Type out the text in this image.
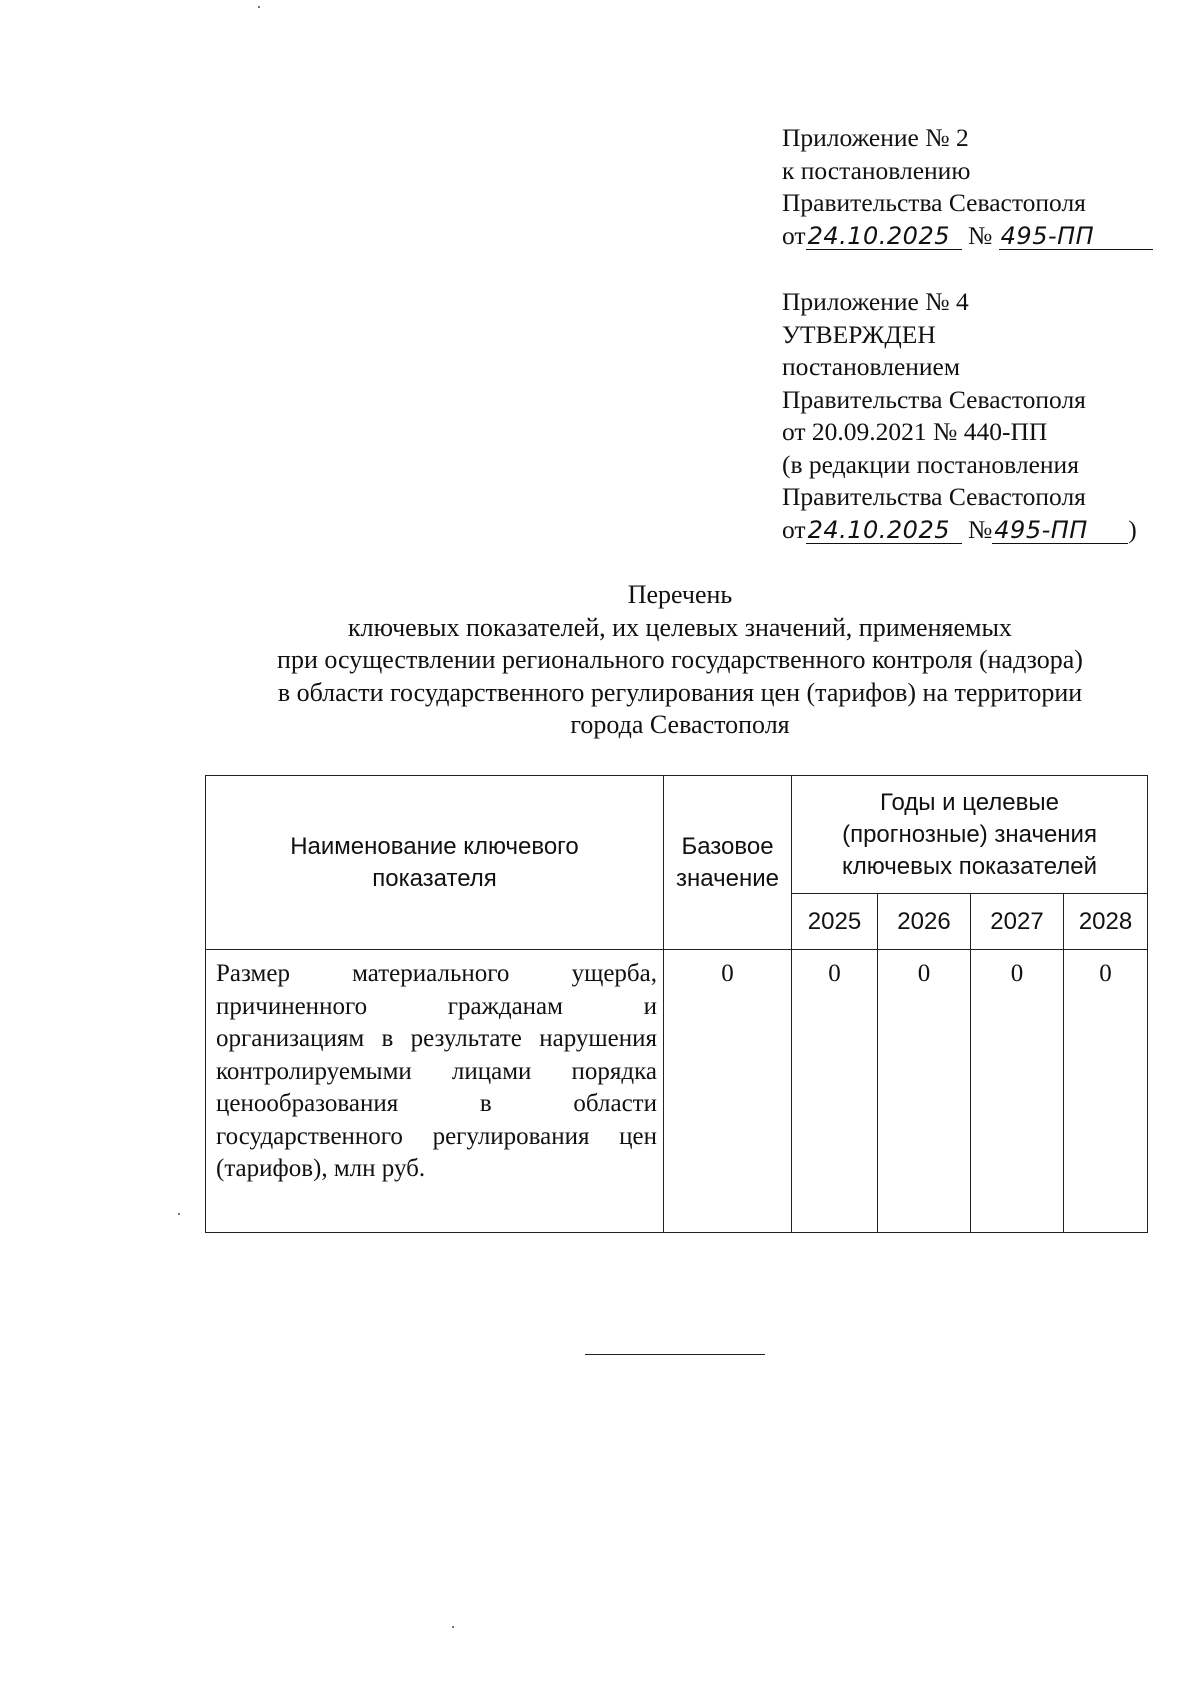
Приложение № 2
к постановлению
Правительства Севастополя
от24.10.2025 № 495-ПП
Приложение № 4
УТВЕРЖДЕН
постановлением
Правительства Севастополя
от 20.09.2021 № 440-ПП
(в редакции постановления
Правительства Севастополя
от24.10.2025 №495-ПП )
Перечень
ключевых показателей, их целевых значений, применяемых
при осуществлении регионального государственного контроля (надзора)
в области государственного регулирования цен (тарифов) на территории
города Севастополя
Наименование ключевого показателя	Базовое значение	Годы и целевые (прогнозные) значения ключевых показателей			
		2025	2026	2027	2028
Размер материального ущерба, причиненного гражданам и организациям в результате нарушения контролируемыми лицами порядка ценообразования в области государственного регулирования цен (тарифов), млн руб.	0	0	0	0	0
